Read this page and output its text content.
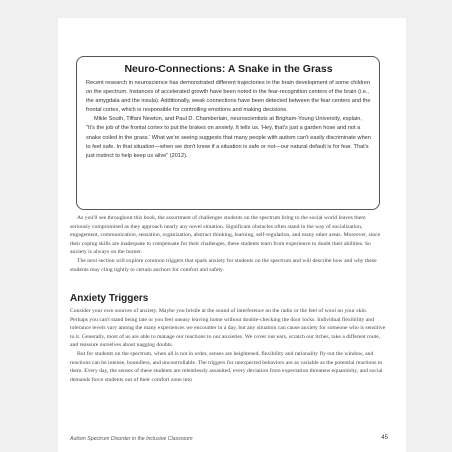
Neuro-Connections: A Snake in the Grass

Recent research in neuroscience has demonstrated different trajectories in the brain development of some children on the spectrum. Instances of accelerated growth have been noted in the fear-recognition centers of the brain (i.e., the amygdala and the insula). Additionally, weak connections have been detected between the fear centers and the frontal cortex, which is responsible for controlling emotions and making decisions.

Mikle South, Tiffani Newton, and Paul D. Chamberlain, neuroscientists at Brigham-Young University, explain, "It's the job of the frontal cortex to put the brakes on anxiety. It tells us, 'Hey, that's just a garden hose and not a snake coiled in the grass.' What we're seeing suggests that many people with autism can't easily discriminate when to feel safe. In that situation—when we don't know if a situation is safe or not—our natural default is for fear. That's just instinct to help keep us alive" (2012).

As you'll see throughout this book, the assortment of challenges students on the spectrum bring to the social world leaves them seriously compromised as they approach nearly any novel situation. Significant obstacles often stand in the way of socialization, engagement, communication, sensation, organization, abstract thinking, learning, self-regulation, and many other areas. Moreover, since their coping skills are inadequate to compensate for their challenges, these students learn from experience to doubt their abilities. So anxiety is always on the burner.

The next section will explore common triggers that spark anxiety for students on the spectrum and will describe how and why these students may cling tightly to certain anchors for comfort and safety.

Anxiety Triggers

Consider your own sources of anxiety. Maybe you bristle at the sound of interference on the radio or the feel of wool on your skin. Perhaps you can't stand being late or you feel uneasy leaving home without double-checking the door locks. Individual flexibility and tolerance levels vary among the many experiences we encounter in a day, but any situation can cause anxiety for someone who is sensitive to it. Generally, most of us are able to manage our reactions to our anxieties. We cover our ears, scratch our itches, take a different route, and reassure ourselves about nagging doubts.

But for students on the spectrum, when all is not in order, senses are heightened, flexibility and rationality fly out the window, and reactions can be intense, boundless, and uncontrollable. The triggers for unexpected behaviors are as variable as the potential reactions to them. Every day, the senses of these students are relentlessly assaulted, every deviation from expectation threatens equanimity, and social demands force students out of their comfort zone into

Autism Spectrum Disorder in the Inclusive Classroom	45
